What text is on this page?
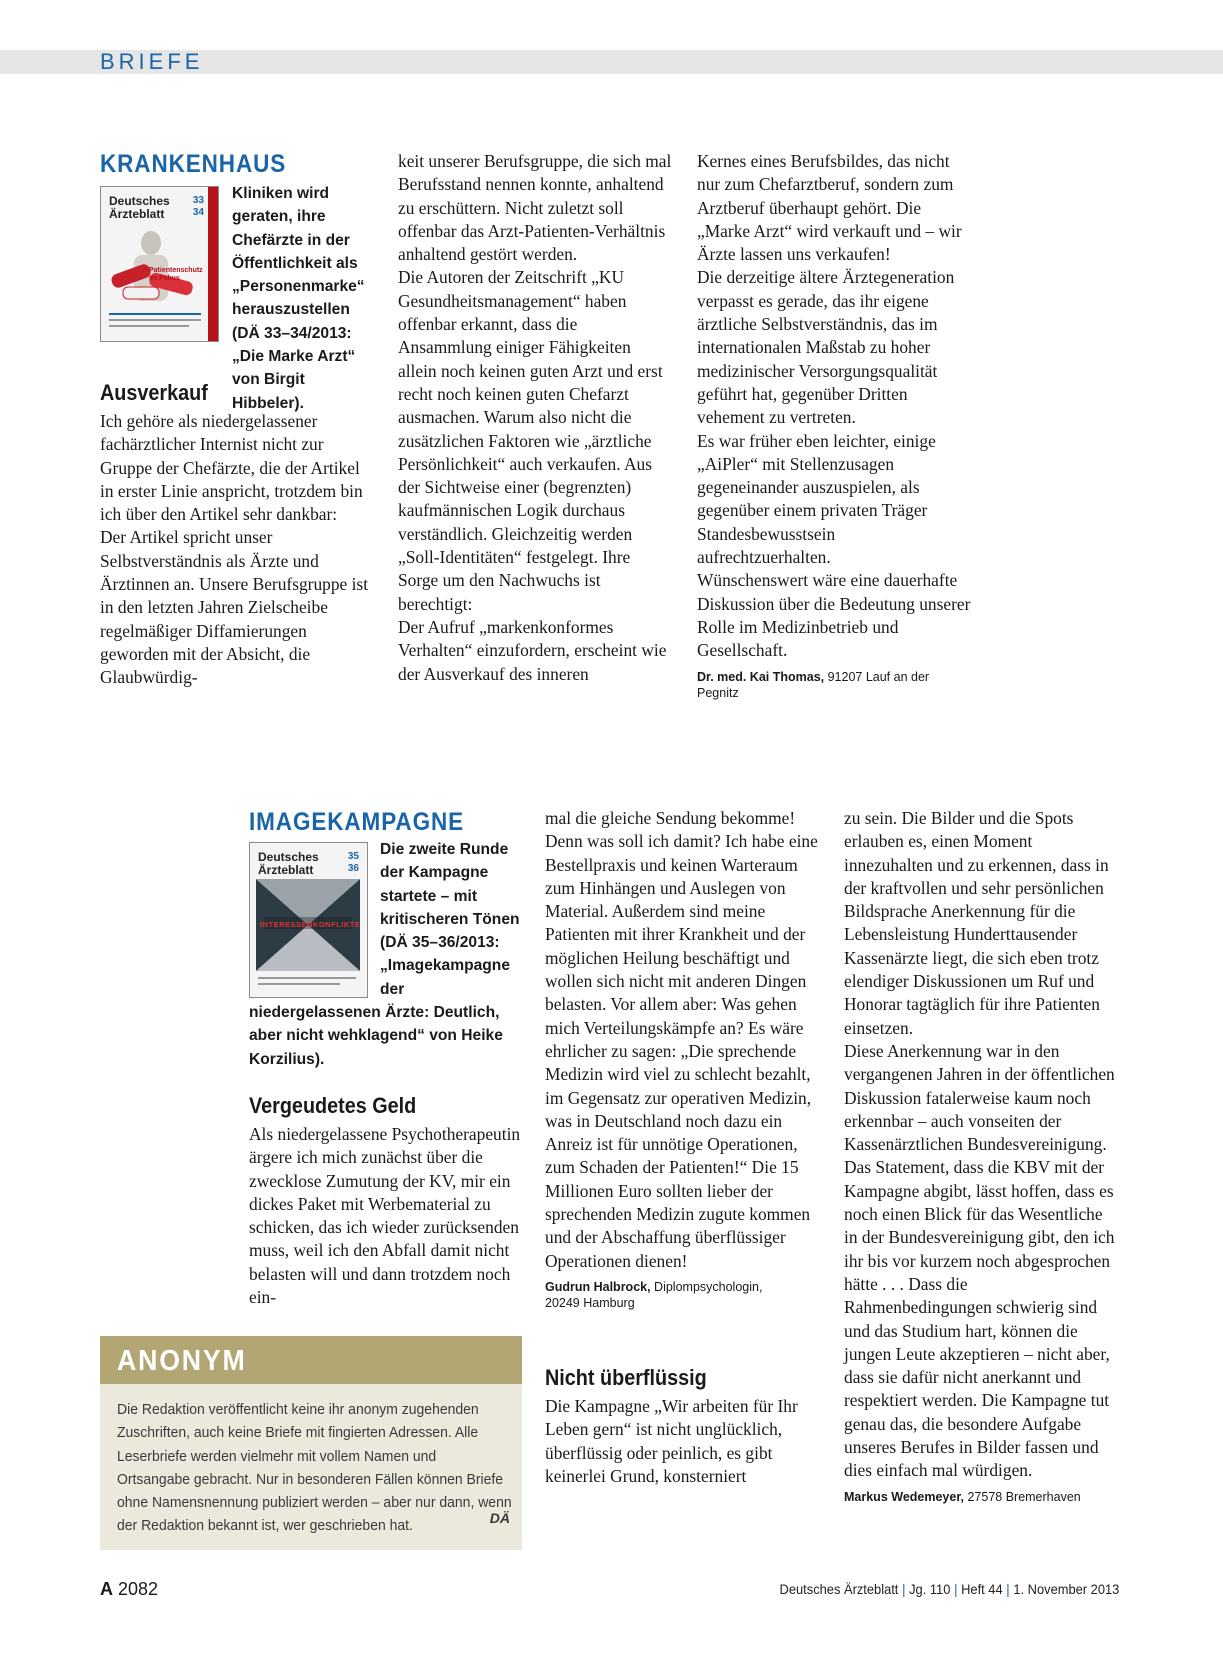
BRIEFE
KRANKENHAUS
Deutsches
Ärzteblatt
33
34
Patientenschutz im Fokus
Kliniken wird geraten, ihre Chefärzte in der Öffentlichkeit als „Personenmarke“ herauszustellen (DÄ 33–34/2013: „Die Marke Arzt“ von Birgit Hibbeler).
Ausverkauf

Ich gehöre als niedergelassener fachärztlicher Internist nicht zur Gruppe der Chefärzte, die der Artikel in erster Linie anspricht, trotzdem bin ich über den Artikel sehr dankbar:
Der Artikel spricht unser Selbstverständnis als Ärzte und Ärztinnen an. Unsere Berufsgruppe ist in den letzten Jahren Zielscheibe regelmäßiger Diffamierungen geworden mit der Absicht, die Glaubwürdig-

keit unserer Berufsgruppe, die sich mal Berufsstand nennen konnte, anhaltend zu erschüttern. Nicht zuletzt soll offenbar das Arzt-Patienten-Verhältnis anhaltend gestört werden.
Die Autoren der Zeitschrift „KU Gesundheitsmanagement“ haben offenbar erkannt, dass die Ansammlung einiger Fähigkeiten allein noch keinen guten Arzt und erst recht noch keinen guten Chefarzt ausmachen. Warum also nicht die zusätzlichen Faktoren wie „ärztliche Persönlichkeit“ auch verkaufen. Aus der Sichtweise einer (begrenzten) kaufmännischen Logik durchaus verständlich. Gleichzeitig werden „Soll-Identitäten“ festgelegt. Ihre Sorge um den Nachwuchs ist berechtigt:
Der Aufruf „markenkonformes Verhalten“ einzufordern, erscheint wie der Ausverkauf des inneren

Kernes eines Berufsbildes, das nicht nur zum Chefarztberuf, sondern zum Arztberuf überhaupt gehört. Die „Marke Arzt“ wird verkauft und – wir Ärzte lassen uns verkaufen!
Die derzeitige ältere Ärztegeneration verpasst es gerade, das ihr eigene ärztliche Selbstverständnis, das im internationalen Maßstab zu hoher medizinischer Versorgungsqualität geführt hat, gegenüber Dritten vehement zu vertreten.
Es war früher eben leichter, einige „AiPler“ mit Stellenzusagen gegeneinander auszuspielen, als gegenüber einem privaten Träger Standesbewusstsein aufrechtzuerhalten.
Wünschenswert wäre eine dauerhafte Diskussion über die Bedeutung unserer Rolle im Medizinbetrieb und Gesellschaft.

Dr. med. Kai Thomas, 91207 Lauf an der Pegnitz
IMAGEKAMPAGNE
Deutsches
Ärzteblatt
35
36
INTERESSENKONFLIKTE
Die zweite Runde der Kampagne startete – mit kritischeren Tönen (DÄ 35–36/2013: „Imagekampagne der niedergelassenen Ärzte: Deutlich, aber nicht wehklagend“ von Heike Korzilius).
Vergeudetes Geld

Als niedergelassene Psychotherapeutin ärgere ich mich zunächst über die zwecklose Zumutung der KV, mir ein dickes Paket mit Werbematerial zu schicken, das ich wieder zurücksenden muss, weil ich den Abfall damit nicht belasten will und dann trotzdem noch ein-

mal die gleiche Sendung bekomme! Denn was soll ich damit? Ich habe eine Bestellpraxis und keinen Warteraum zum Hinhängen und Auslegen von Material. Außerdem sind meine Patienten mit ihrer Krankheit und der möglichen Heilung beschäftigt und wollen sich nicht mit anderen Dingen belasten. Vor allem aber: Was gehen mich Verteilungskämpfe an? Es wäre ehrlicher zu sagen: „Die sprechende Medizin wird viel zu schlecht bezahlt, im Gegensatz zur operativen Medizin, was in Deutschland noch dazu ein Anreiz ist für unnötige Operationen, zum Schaden der Patienten!“ Die 15 Millionen Euro sollten lieber der sprechenden Medizin zugute kommen und der Abschaffung überflüssiger Operationen dienen!

Gudrun Halbrock, Diplompsychologin, 20249 Hamburg
Nicht überflüssig

Die Kampagne „Wir arbeiten für Ihr Leben gern“ ist nicht unglücklich, überflüssig oder peinlich, es gibt keinerlei Grund, konsterniert

zu sein. Die Bilder und die Spots erlauben es, einen Moment innezuhalten und zu erkennen, dass in der kraftvollen und sehr persönlichen Bildsprache Anerkennung für die Lebensleistung Hunderttausender Kassenärzte liegt, die sich eben trotz elendiger Diskussionen um Ruf und Honorar tagtäglich für ihre Patienten einsetzen.
Diese Anerkennung war in den vergangenen Jahren in der öffentlichen Diskussion fatalerweise kaum noch erkennbar – auch vonseiten der Kassenärztlichen Bundesvereinigung. Das Statement, dass die KBV mit der Kampagne abgibt, lässt hoffen, dass es noch einen Blick für das Wesentliche in der Bundesvereinigung gibt, den ich ihr bis vor kurzem noch abgesprochen hätte . . . Dass die Rahmenbedingungen schwierig sind und das Studium hart, können die jungen Leute akzeptieren – nicht aber, dass sie dafür nicht anerkannt und respektiert werden. Die Kampagne tut genau das, die besondere Aufgabe unseres Berufes in Bilder fassen und dies einfach mal würdigen.

Markus Wedemeyer, 27578 Bremerhaven
ANONYM
Die Redaktion veröffentlicht keine ihr anonym zugehenden Zuschriften, auch keine Briefe mit fingierten Adressen. Alle Leserbriefe werden vielmehr mit vollem Namen und Ortsangabe gebracht. Nur in besonderen Fällen können Briefe ohne Namensnennung publiziert werden – aber nur dann, wenn der Redaktion bekannt ist, wer geschrieben hat.	DÄ
A 2082	Deutsches Ärzteblatt | Jg. 110 | Heft 44 | 1. November 2013
